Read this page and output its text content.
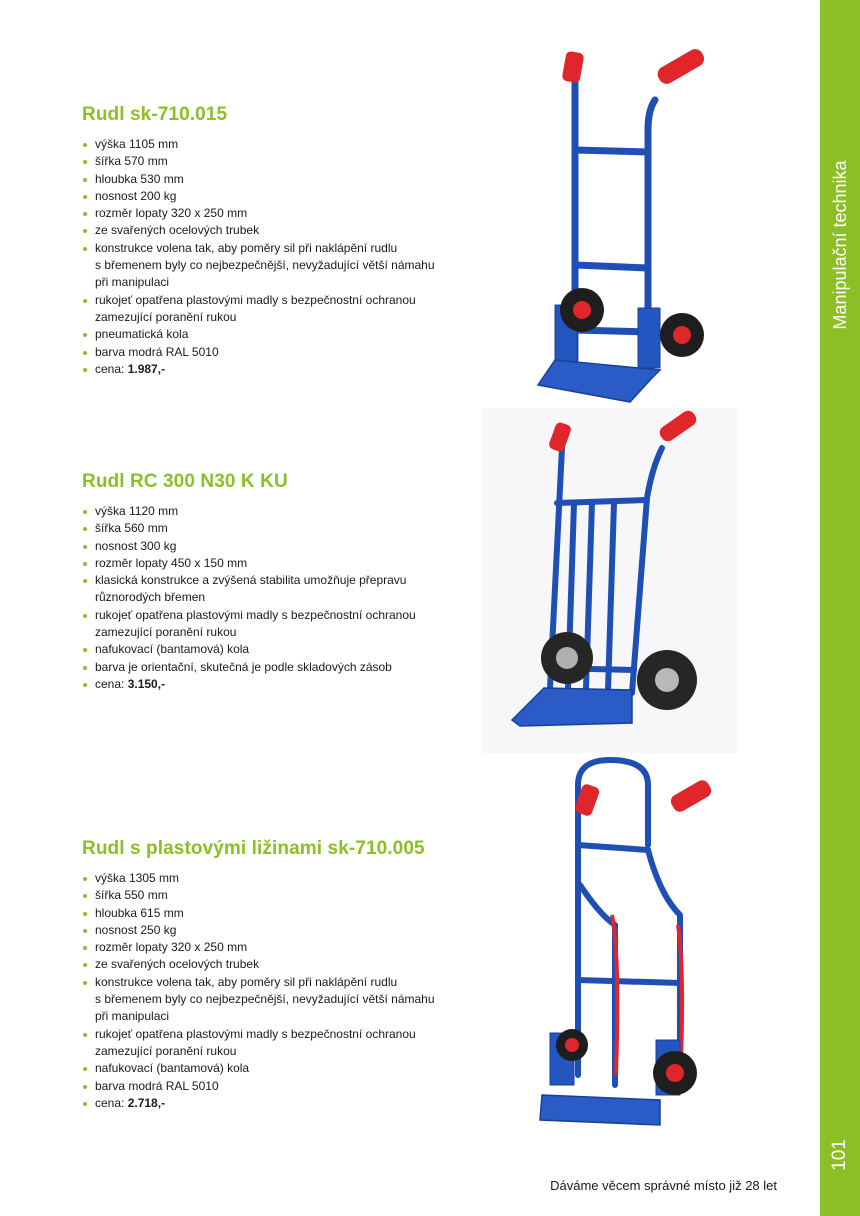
Manipulační technika
101
Rudl sk-710.015
výška 1105 mm
šířka 570 mm
hloubka 530 mm
nosnost 200 kg
rozměr lopaty 320 x 250 mm
ze svařených ocelových trubek
konstrukce volena tak, aby poměry sil při naklápění rudlu
s břemenem byly co nejbezpečnější, nevyžadující větší námahu
při manipulaci
rukojeť opatřena plastovými madly s bezpečnostní ochranou
zamezující poranění rukou
pneumatická kola
barva modrá RAL 5010
cena: 1.987,-
Rudl RC 300 N30 K KU
výška 1120 mm
šířka 560 mm
nosnost 300 kg
rozměr lopaty 450 x 150 mm
klasická konstrukce a zvýšená stabilita umožňuje přepravu
různorodých břemen
rukojeť opatřena plastovými madly s bezpečnostní ochranou
zamezující poranění rukou
nafukovací (bantamová) kola
barva je orientační, skutečná je podle skladových zásob
cena: 3.150,-
Rudl s plastovými ližinami sk-710.005
výška 1305 mm
šířka 550 mm
hloubka 615 mm
nosnost 250 kg
rozměr lopaty 320 x 250 mm
ze svařených ocelových trubek
konstrukce volena tak, aby poměry sil při naklápění rudlu
s břemenem byly co nejbezpečnější, nevyžadující větší námahu
při manipulaci
rukojeť opatřena plastovými madly s bezpečnostní ochranou
zamezující poranění rukou
nafukovací (bantamová) kola
barva modrá RAL 5010
cena: 2.718,-
Dáváme věcem správné místo již 28 let
